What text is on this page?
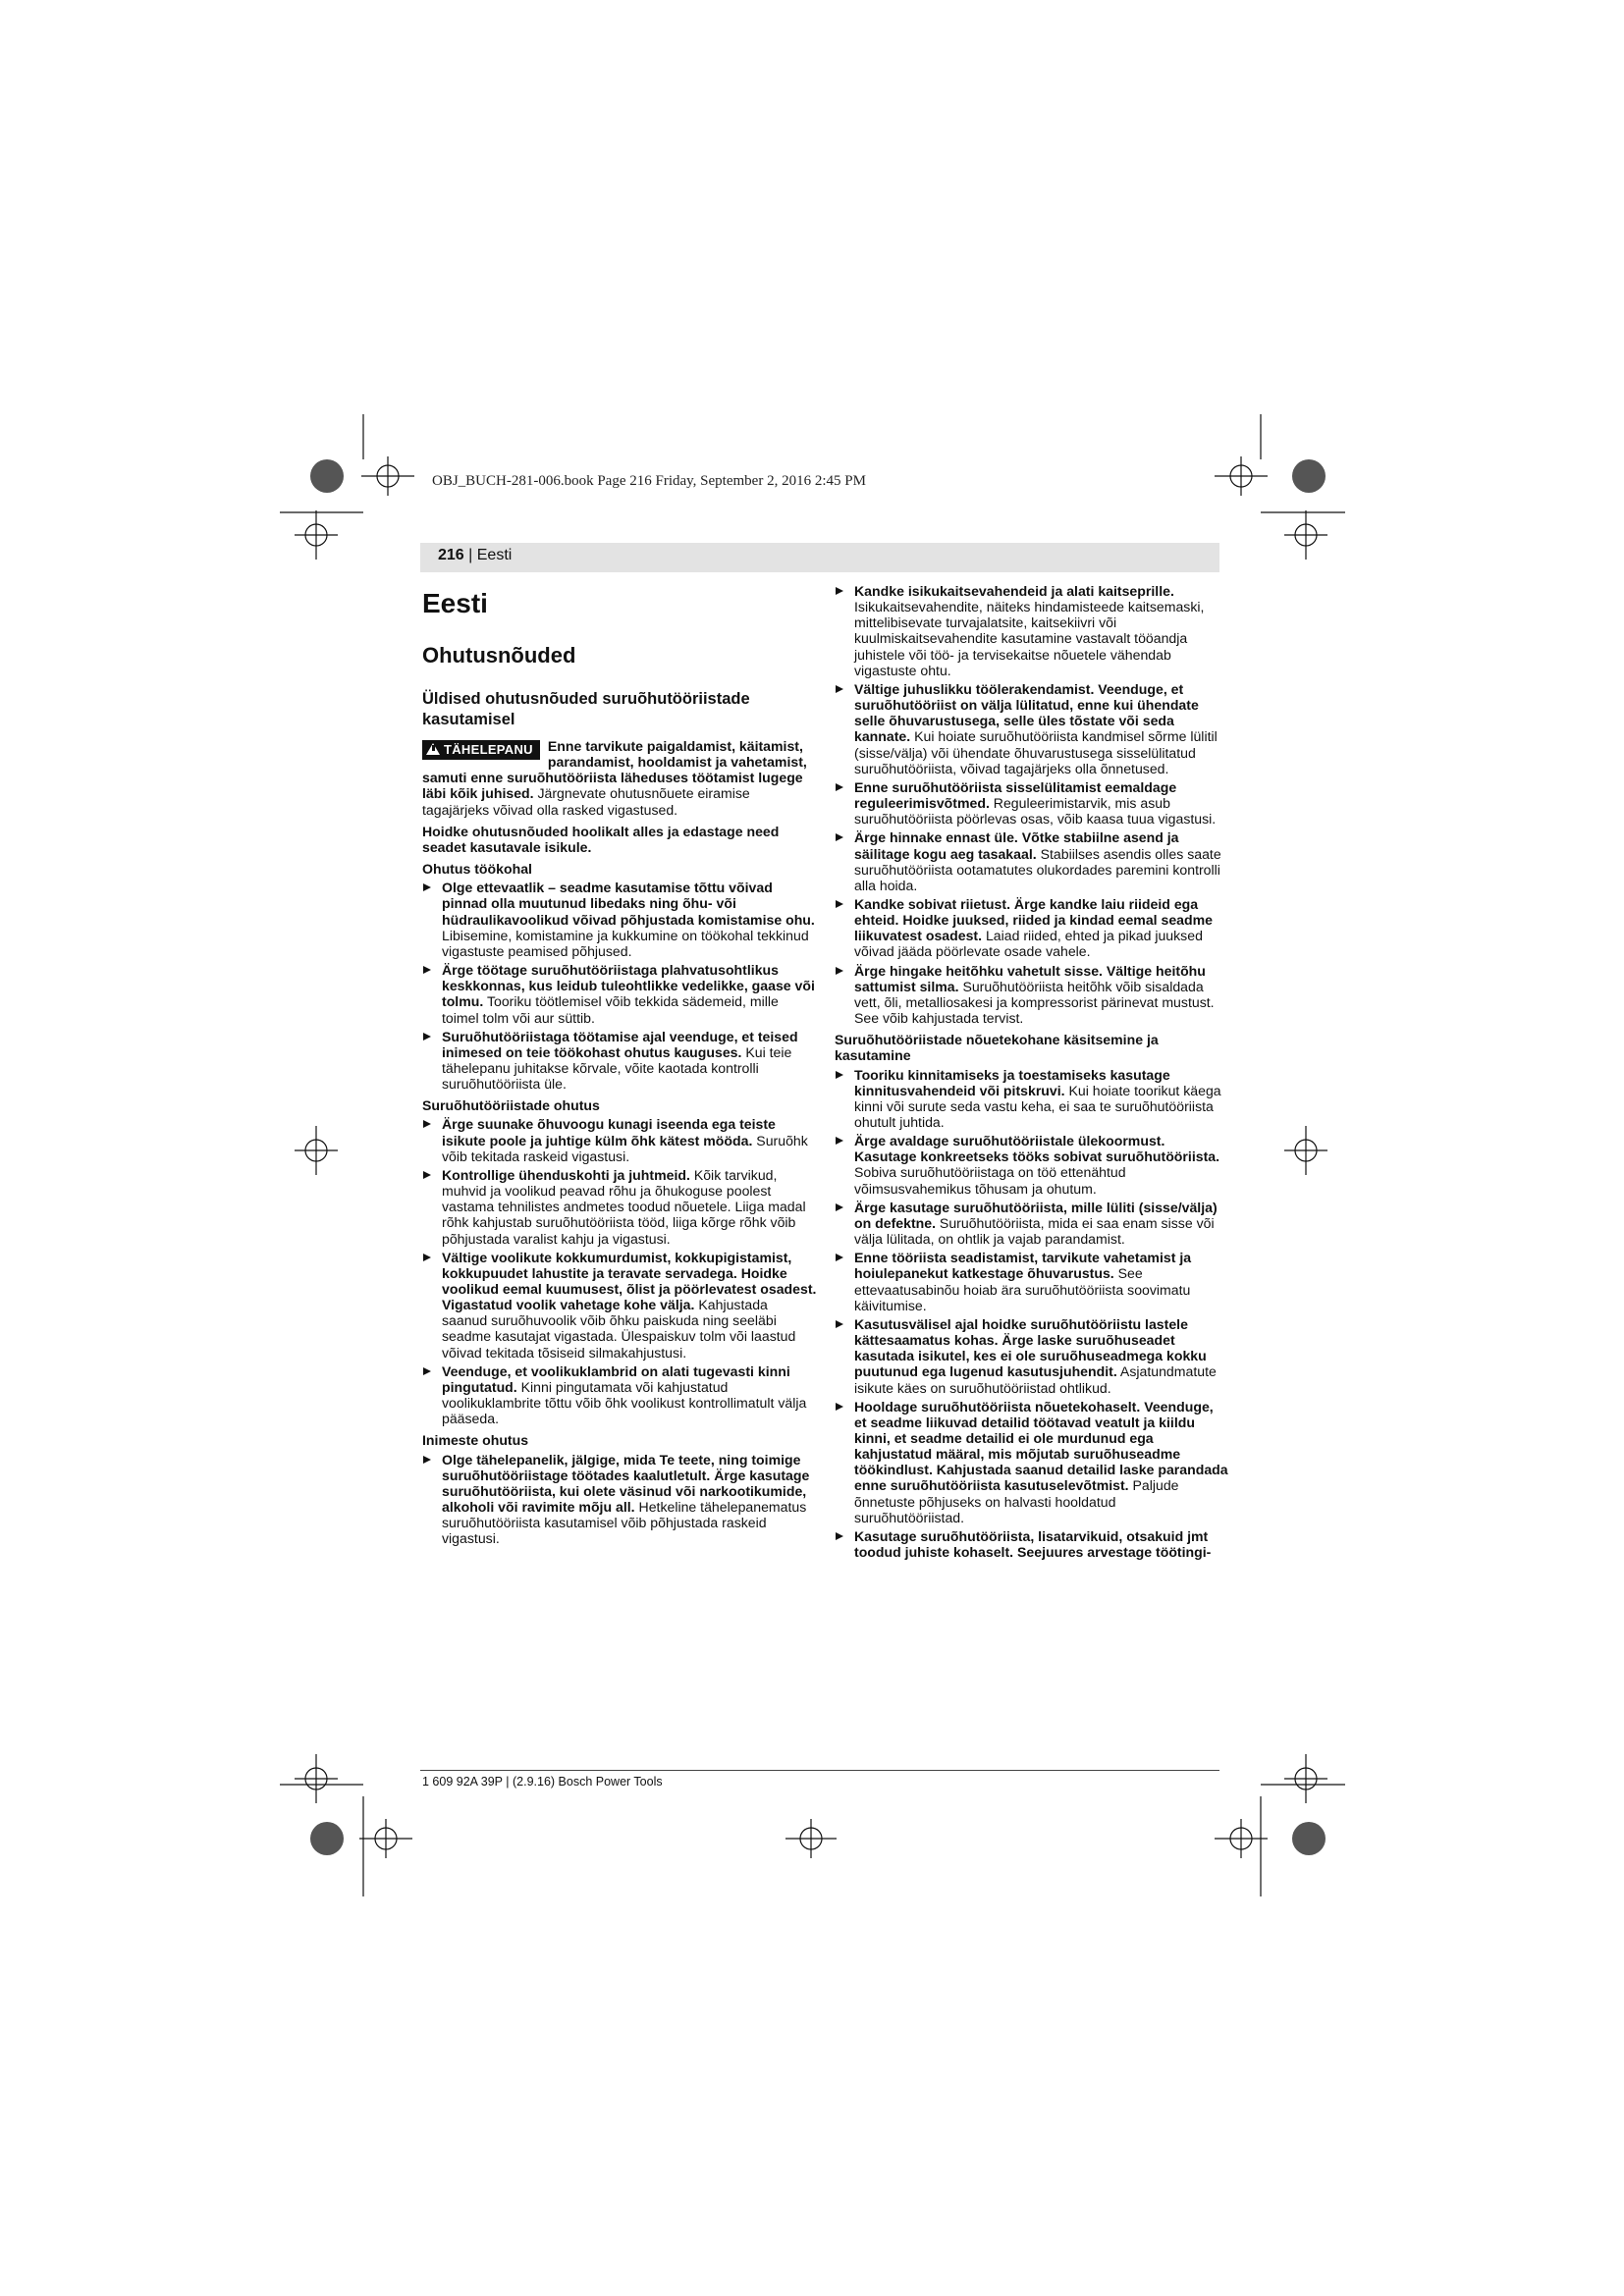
OBJ_BUCH-281-006.book Page 216 Friday, September 2, 2016 2:45 PM
216 | Eesti
Eesti
Ohutusnõuded
Üldised ohutusnõuded suruõhutööriistade kasutamisel

TÄHELEPANU	Enne tarvikute paigaldamist, käitamist, parandamist, hooldamist ja vahetamist, samuti enne suruõhutööriista läheduses töötamist lugege läbi kõik juhised. Järgnevate ohutusnõuete eiramise tagajärjeks võivad olla rasked vigastused.

Hoidke ohutusnõuded hoolikalt alles ja edastage need seadet kasutavale isikule.

Ohutus töökohal
Olge ettevaatlik – seadme kasutamise tõttu võivad pinnad olla muutunud libedaks ning õhu- või hüdraulikavoolikud võivad põhjustada komistamise ohu. Libisemine, komistamine ja kukkumine on töökohal tekkinud vigastuste peamised põhjused.
Ärge töötage suruõhutööriistaga plahvatusohtlikus keskkonnas, kus leidub tuleohtlikke vedelikke, gaase või tolmu. Tooriku töötlemisel võib tekkida sädemeid, mille toimel tolm või aur süttib.
Suruõhutööriistaga töötamise ajal veenduge, et teised inimesed on teie töökohast ohutus kauguses. Kui teie tähelepanu juhitakse kõrvale, võite kaotada kontrolli suruõhutööriista üle.
Suruõhutööriistade ohutus
Ärge suunake õhuvoogu kunagi iseenda ega teiste isikute poole ja juhtige külm õhk kätest mööda. Suruõhk võib tekitada raskeid vigastusi.
Kontrollige ühenduskohti ja juhtmeid. Kõik tarvikud, muhvid ja voolikud peavad rõhu ja õhukoguse poolest vastama tehnilistes andmetes toodud nõuetele. Liiga madal rõhk kahjustab suruõhutööriista tööd, liiga kõrge rõhk võib põhjustada varalist kahju ja vigastusi.
Vältige voolikute kokkumurdumist, kokkupigistamist, kokkupuudet lahustite ja teravate servadega. Hoidke voolikud eemal kuumusest, õlist ja pöörlevatest osadest. Vigastatud voolik vahetage kohe välja. Kahjustada saanud suruõhuvoolik võib õhku paiskuda ning seeläbi seadme kasutajat vigastada. Ülespaiskuv tolm või laastud võivad tekitada tõsiseid silmakahjustusi.
Veenduge, et voolikuklambrid on alati tugevasti kinni pingutatud. Kinni pingutamata või kahjustatud voolikuklambrite tõttu võib õhk voolikust kontrollimatult välja pääseda.
Inimeste ohutus
Olge tähelepanelik, jälgige, mida Te teete, ning toimige suruõhutööriistage töötades kaalutletult. Ärge kasutage suruõhutööriista, kui olete väsinud või narkootikumide, alkoholi või ravimite mõju all. Hetkeline tähelepanematus suruõhutööriista kasutamisel võib põhjustada raskeid vigastusi.
Kandke isikukaitsevahendeid ja alati kaitseprille. Isikukaitsevahendite, näiteks hindamisteede kaitsemaski, mittelibisevate turvajalatsite, kaitsekiivri või kuulmiskaitsevahendite kasutamine vastavalt tööandja juhistele või töö- ja tervisekaitse nõuetele vähendab vigastuste ohtu.
Vältige juhuslikku töölerakendamist. Veenduge, et suruõhutööriist on välja lülitatud, enne kui ühendate selle õhuvarustusega, selle üles tõstate või seda kannate. Kui hoiate suruõhutööriista kandmisel sõrme lülitil (sisse/välja) või ühendate õhuvarustusega sisselülitatud suruõhutööriista, võivad tagajärjeks olla õnnetused.
Enne suruõhutööriista sisselülitamist eemaldage reguleerimisvõtmed. Reguleerimistarvik, mis asub suruõhutööriista pöörlevas osas, võib kaasa tuua vigastusi.
Ärge hinnake ennast üle. Võtke stabiilne asend ja säilitage kogu aeg tasakaal. Stabiilses asendis olles saate suruõhutööriista ootamatutes olukordades paremini kontrolli alla hoida.
Kandke sobivat riietust. Ärge kandke laiu riideid ega ehteid. Hoidke juuksed, riided ja kindad eemal seadme liikuvatest osadest. Laiad riided, ehted ja pikad juuksed võivad jääda pöörlevate osade vahele.
Ärge hingake heitõhku vahetult sisse. Vältige heitõhu sattumist silma. Suruõhutööriista heitõhk võib sisaldada vett, õli, metalliosakesi ja kompressorist pärinevat mustust. See võib kahjustada tervist.
Suruõhutööriistade nõuetekohane käsitsemine ja kasutamine
Tooriku kinnitamiseks ja toestamiseks kasutage kinnitusvahendeid või pitskruvi. Kui hoiate toorikut käega kinni või surute seda vastu keha, ei saa te suruõhutööriista ohutult juhtida.
Ärge avaldage suruõhutööriistale ülekoormust. Kasutage konkreetseks tööks sobivat suruõhutööriista. Sobiva suruõhutööriistaga on töö ettenähtud võimsusvahemikus tõhusam ja ohutum.
Ärge kasutage suruõhutööriista, mille lüliti (sisse/välja) on defektne. Suruõhutööriista, mida ei saa enam sisse või välja lülitada, on ohtlik ja vajab parandamist.
Enne tööriista seadistamist, tarvikute vahetamist ja hoiulepanekut katkestage õhuvarustus. See ettevaatusabinõu hoiab ära suruõhutööriista soovimatu käivitumise.
Kasutusvälisel ajal hoidke suruõhutööriistu lastele kättesaamatus kohas. Ärge laske suruõhuseadet kasutada isikutel, kes ei ole suruõhuseadmega kokku puutunud ega lugenud kasutusjuhendit. Asjatundmatute isikute käes on suruõhutööriistad ohtlikud.
Hooldage suruõhutööriista nõuetekohaselt. Veenduge, et seadme liikuvad detailid töötavad veatult ja kiildu kinni, et seadme detailid ei ole murdunud ega kahjustatud määral, mis mõjutab suruõhuseadme töökindlust. Kahjustada saanud detailid laske parandada enne suruõhutööriista kasutuselevõtmist. Paljude õnnetuste põhjuseks on halvasti hooldatud suruõhutööriistad.
Kasutage suruõhutööriista, lisatarvikuid, otsakuid jmt toodud juhiste kohaselt. Seejuures arvestage töötingi-
1 609 92A 39P | (2.9.16) Bosch Power Tools
